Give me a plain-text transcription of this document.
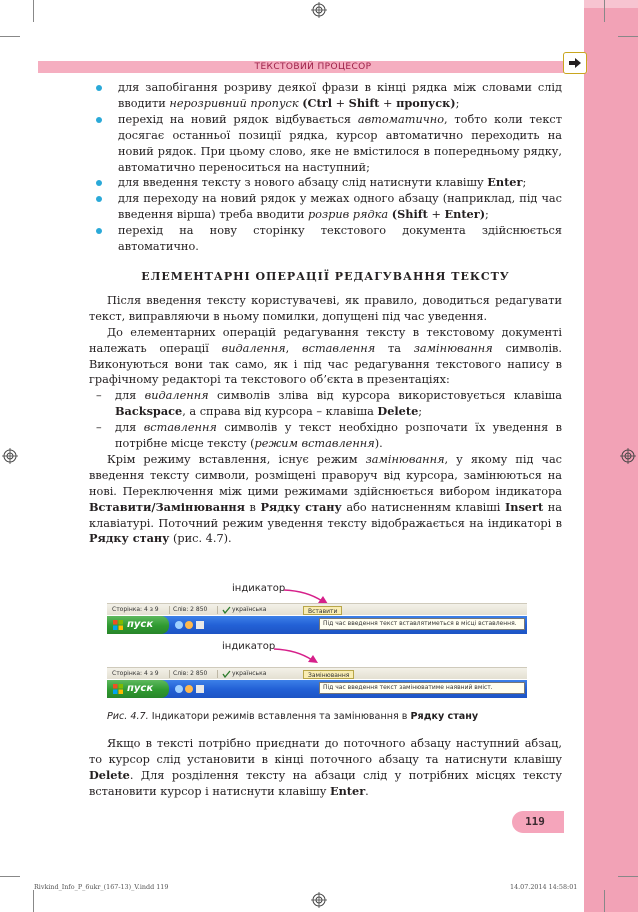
ТЕКСТОВИЙ ПРОЦЕСОР

для запобігання розриву деякої фрази в кінці рядка між словами слід вводити нерозривний пропуск (Ctrl + Shift + пропуск);

перехід на новий рядок відбувається автоматично, тобто коли текст досягає останньої позиції рядка, курсор автоматично переходить на новий рядок. При цьому слово, яке не вмістилося в попередньому рядку, автоматично переноситься на наступний;

для введення тексту з нового абзацу слід натиснути клавішу Enter;

для переходу на новий рядок у межах одного абзацу (наприклад, під час введення вірша) треба вводити розрив рядка (Shift + Enter);

перехід на нову сторінку текстового документа здійснюється автоматично.

ЕЛЕМЕНТАРНІ ОПЕРАЦІЇ РЕДАГУВАННЯ ТЕКСТУ

Після введення тексту користувачеві, як правило, доводиться редагувати текст, виправляючи в ньому помилки, допущені під час уведення.

До елементарних операцій редагування тексту в текстовому документі належать операції видалення, вставлення та замінювання символів. Виконуються вони так само, як і під час редагування текстового напису в графічному редакторі та текстового об’єкта в презентаціях:

– для видалення символів зліва від курсора використовується клавіша Backspace, а справа від курсора – клавіша Delete;

– для вставлення символів у текст необхідно розпочати їх уведення в потрібне місце тексту (режим вставлення).

Крім режиму вставлення, існує режим замінювання, у якому під час введення тексту символи, розміщені праворуч від курсора, замінюються на нові. Переключення між цими режимами здійснюється вибором індикатора Вставити/Замінювання в Рядку стану або натисненням клавіші Insert на клавіатурі. Поточний режим уведення тексту відображається на індикаторі в Рядку стану (рис. 4.7).

індикатор
Сторінка: 4 з 9	Слів: 2 850	українська	Вставити
пуск	Під час введення текст вставлятиметься в місці вставлення.
індикатор
Сторінка: 4 з 9	Слів: 2 850	українська	Замінювання
пуск	Під час введення текст замінюватиме наявний вміст.
Рис. 4.7. Індикатори режимів вставлення та замінювання в Рядку стану

Якщо в тексті потрібно приєднати до поточного абзацу наступний абзац, то курсор слід установити в кінці поточного абзацу та натиснути клавішу Delete. Для розділення тексту на абзаци слід у потрібних місцях тексту встановити курсор і натиснути клавішу Enter.

119
Rivkind_Info_P_6ukr_(167-13)_V.indd 119	14.07.2014 14:58:01
